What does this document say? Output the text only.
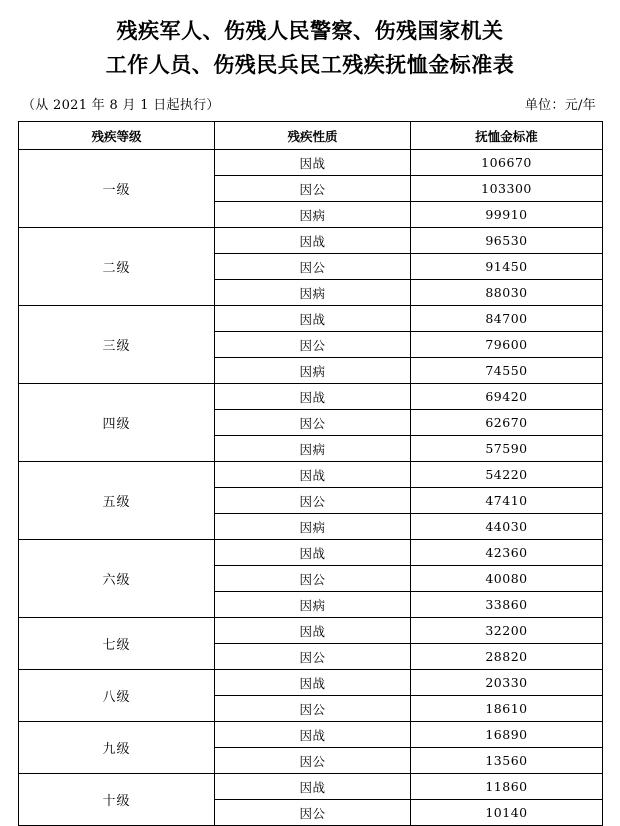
残疾军人、伤残人民警察、伤残国家机关
工作人员、伤残民兵民工残疾抚恤金标准表
（从 2021 年 8 月 1 日起执行）	单位：元/年
残疾等级	残疾性质	抚恤金标准
一级	因战	106670
	因公	103300
	因病	99910
二级	因战	96530
	因公	91450
	因病	88030
三级	因战	84700
	因公	79600
	因病	74550
四级	因战	69420
	因公	62670
	因病	57590
五级	因战	54220
	因公	47410
	因病	44030
六级	因战	42360
	因公	40080
	因病	33860
七级	因战	32200
	因公	28820
八级	因战	20330
	因公	18610
九级	因战	16890
	因公	13560
十级	因战	11860
	因公	10140
